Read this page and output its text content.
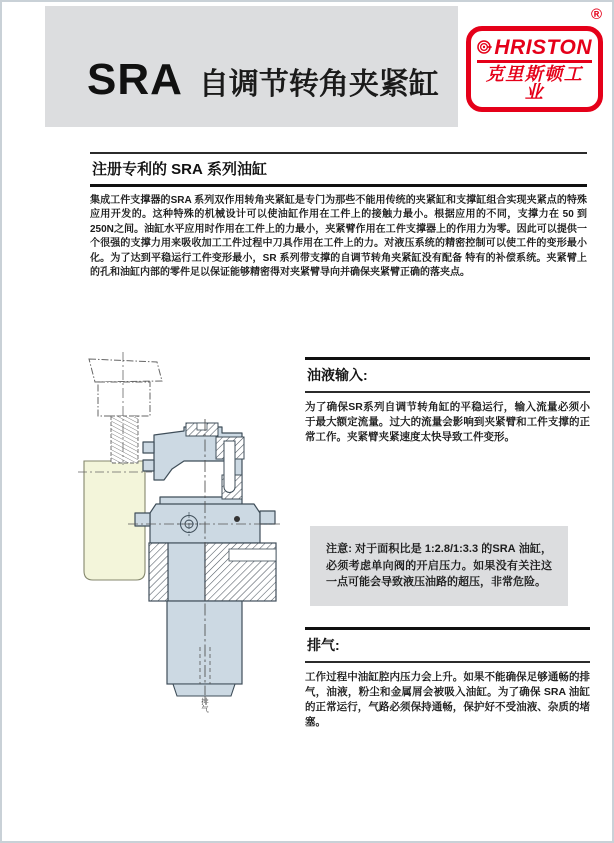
SRA 自调节转角夹紧缸
HRISTON
克里斯顿工业
®
注册专利的 SRA 系列油缸

集成工件支撑器的SRA 系列双作用转角夹紧缸是专门为那些不能用传统的夹紧缸和支撑缸组合实现夹紧点的特殊应用开发的。这种特殊的机械设计可以使油缸作用在工件上的接触力最小。根据应用的不同，支撑力在 50 到 250N之间。油缸水平应用时作用在工件上的力最小，夹紧臂作用在工件支撑器上的作用力为零。因此可以提供一个很强的支撑力用来吸收加工工件过程中刀具作用在工件上的力。对液压系统的精密控制可以使工件的变形最小化。为了达到平稳运行工件变形最小，SR 系列带支撑的自调节转角夹紧缸没有配备 特有的补偿系统。夹紧臂上的孔和油缸内部的零件足以保证能够精密得对夹紧臂导向并确保夹紧臂正确的落夹点。

排气
油液输入:

为了确保SR系列自调节转角缸的平稳运行，输入流量必须小于最大额定流量。过大的流量会影响到夹紧臂和工件支撑的正常工作。夹紧臂夹紧速度太快导致工件变形。

注意: 对于面积比是 1:2.8/1:3.3 的SRA 油缸，必须考虑单向阀的开启压力。如果没有关注这一点可能会导致液压油路的超压，非常危险。

排气:

工作过程中油缸腔内压力会上升。如果不能确保足够通畅的排气，油液，粉尘和金属屑会被吸入油缸。为了确保 SRA 油缸的正常运行，气路必须保持通畅，保护好不受油液、杂质的堵塞。
